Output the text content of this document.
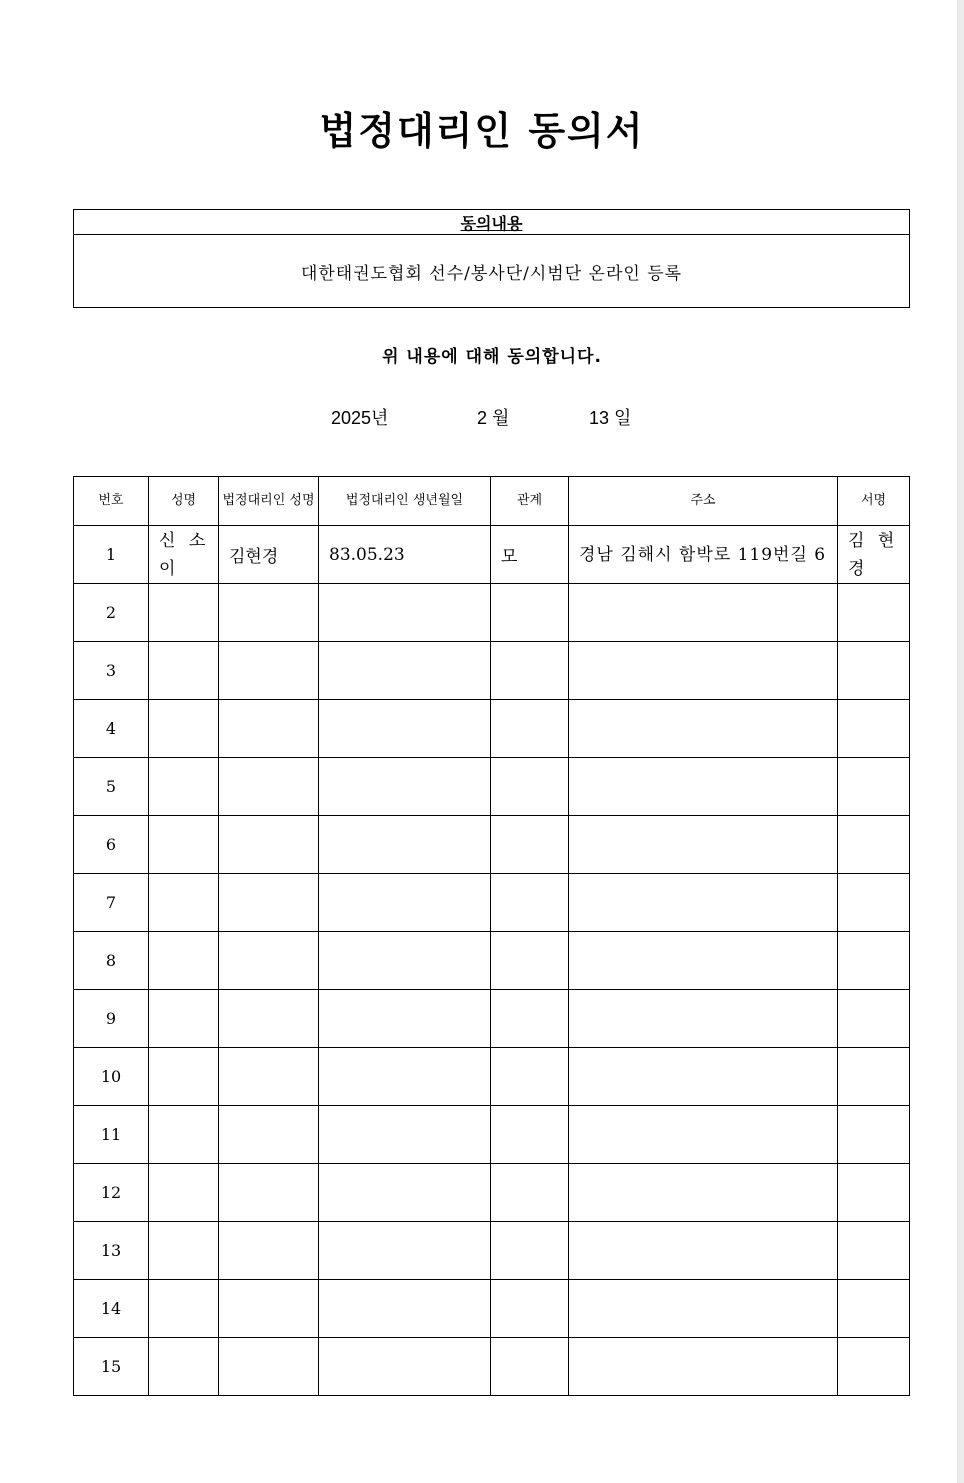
법정대리인 동의서
동의내용
대한태권도협회 선수/봉사단/시범단 온라인 등록
위 내용에 대해 동의합니다.
2025년	2 월	13 일
번호	성명	법정대리인 성명	법정대리인 생년월일	관계	주소	서명
1	신 소 이	김현경	83.05.23	모	경남 김해시 함박로 119번길 6	김 현 경
2						
3						
4						
5						
6						
7						
8						
9						
10						
11						
12						
13						
14						
15						
